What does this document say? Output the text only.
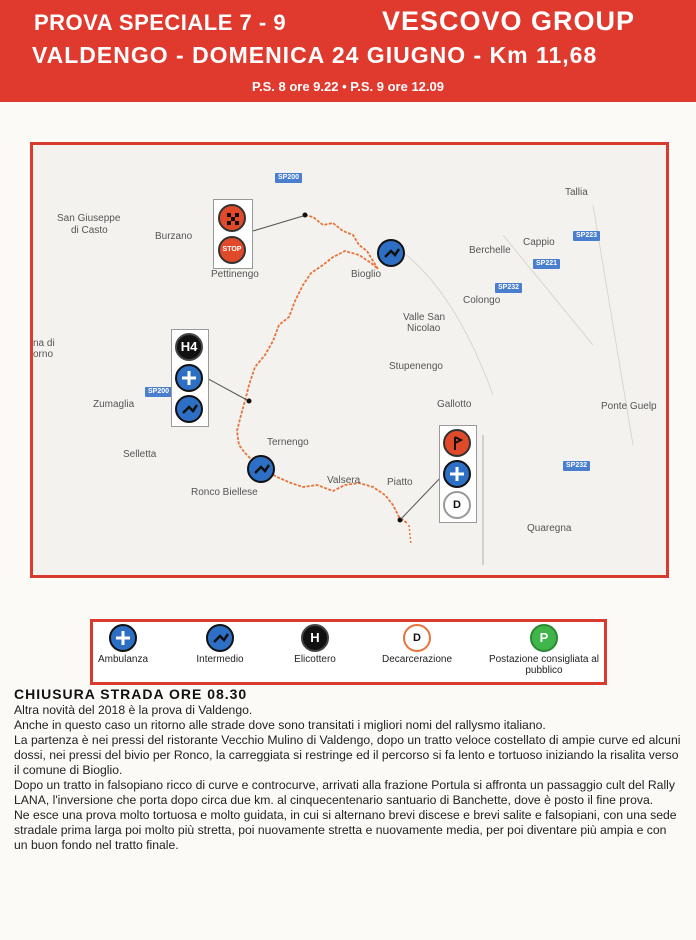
PROVA SPECIALE 7 - 9	VESCOVO GROUP
VALDENGO - DOMENICA 24 GIUGNO - Km 11,68
P.S. 8 ore 9.22 • P.S. 9 ore 12.09
Tallia
San Giuseppe
di Casto
Burzano
Berchelle
Cappio
Pettinengo	Bioglio
Colongo
Valle San
Nicolao
na di
orno
Stupenengo
Gallotto	Ponte Guelp
Zumaglia
Selletta
Ternengo
Valsera	Piatto
Ronco Biellese
Quaregna
SP200
SP223
SP221
SP232
SP200
SP232
STOP
H4
D
Ambulanza	Intermedio
H
Elicottero
D
Decarcerazione
P
Postazione consigliata al pubblico
CHIUSURA STRADA ORE 08.30

Altra novità del 2018 è la prova di Valdengo.

Anche in questo caso un ritorno alle strade dove sono transitati i migliori nomi del rallysmo italiano.

La partenza è nei pressi del ristorante Vecchio Mulino di Valdengo, dopo un tratto veloce costellato di ampie curve ed alcuni dossi, nei pressi del bivio per Ronco, la carreggiata si restringe ed il percorso si fa lento e tortuoso iniziando la risalita verso il comune di Bioglio.

Dopo un tratto in falsopiano ricco di curve e controcurve, arrivati alla frazione Portula si affronta un passaggio cult del Rally LANA, l'inversione che porta dopo circa due km. al cinquecentenario santuario di Banchette, dove è posto il fine prova.

Ne esce una prova molto tortuosa e molto guidata, in cui si alternano brevi discese e brevi salite e falsopiani, con una sede stradale prima larga poi molto più stretta, poi nuovamente stretta e nuovamente media, per poi diventare più ampia e con un buon fondo nel tratto finale.
